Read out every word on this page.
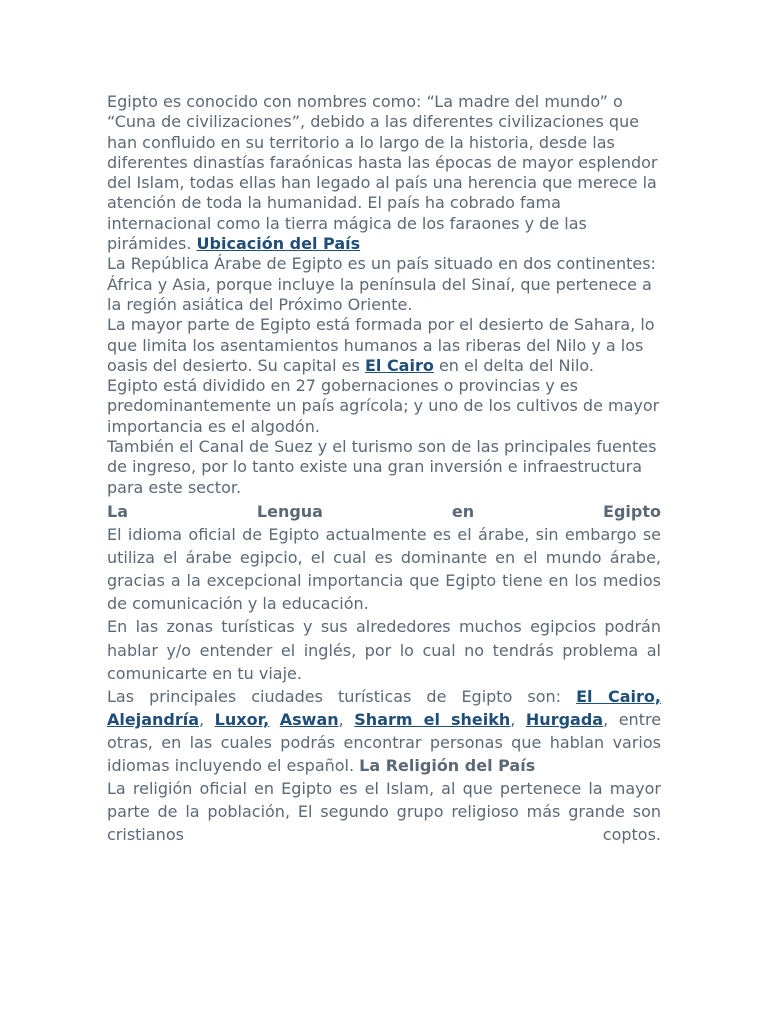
Egipto es conocido con nombres como: “La madre del mundo” o “Cuna de civilizaciones”, debido a las diferentes civilizaciones que han confluido en su territorio a lo largo de la historia, desde las diferentes dinastías faraónicas hasta las épocas de mayor esplendor del Islam, todas ellas han legado al país una herencia que merece la atención de toda la humanidad. El país ha cobrado fama internacional como la tierra mágica de los faraones y de las pirámides. Ubicación del País

La República Árabe de Egipto es un país situado en dos continentes: África y Asia, porque incluye la península del Sinaí, que pertenece a la región asiática del Próximo Oriente.

La mayor parte de Egipto está formada por el desierto de Sahara, lo que limita los asentamientos humanos a las riberas del Nilo y a los oasis del desierto. Su capital es El Cairo en el delta del Nilo.

Egipto está dividido en 27 gobernaciones o provincias y es predominantemente un país agrícola; y uno de los cultivos de mayor importancia es el algodón.

También el Canal de Suez y el turismo son de las principales fuentes de ingreso, por lo tanto existe una gran inversión e infraestructura para este sector.

La Lengua en Egipto

El idioma oficial de Egipto actualmente es el árabe, sin embargo se utiliza el árabe egipcio, el cual es dominante en el mundo árabe, gracias a la excepcional importancia que Egipto tiene en los medios de comunicación y la educación.

En las zonas turísticas y sus alrededores muchos egipcios podrán hablar y/o entender el inglés, por lo cual no tendrás problema al comunicarte en tu viaje.

Las principales ciudades turísticas de Egipto son: El Cairo, Alejandría, Luxor, Aswan, Sharm el sheikh, Hurgada, entre otras, en las cuales podrás encontrar personas que hablan varios idiomas incluyendo el español. La Religión del País

La religión oficial en Egipto es el Islam, al que pertenece la mayor parte de la población, El segundo grupo religioso más grande son cristianos coptos.
